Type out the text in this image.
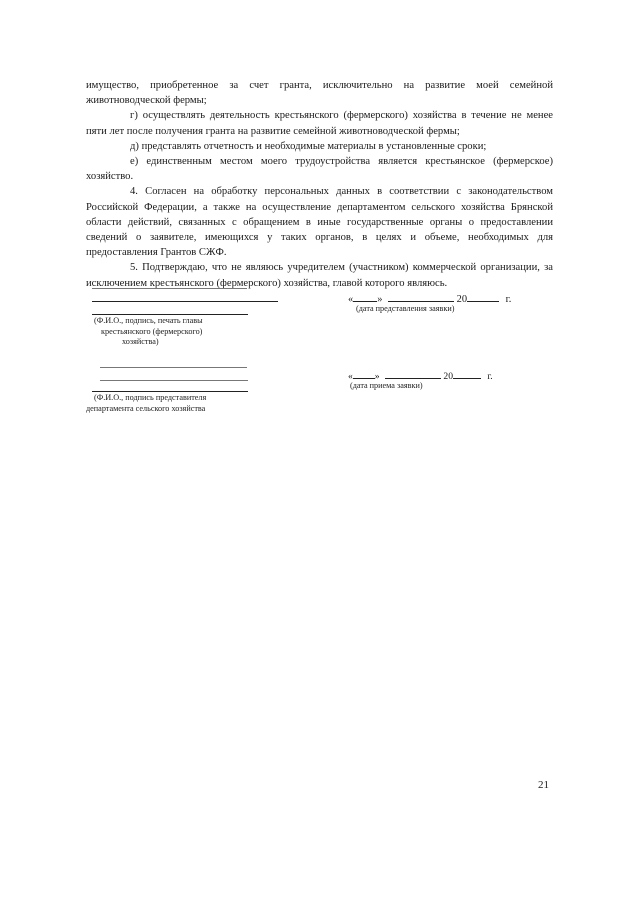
имущество, приобретенное за счет гранта, исключительно на развитие моей семейной животноводческой фермы;

г) осуществлять деятельность крестьянского (фермерского) хозяйства в течение не менее пяти лет после получения гранта на развитие семейной животноводческой фермы;

д) представлять отчетность и необходимые материалы в установленные сроки;

е) единственным местом моего трудоустройства является крестьянское (фермерское) хозяйство.

4. Согласен на обработку персональных данных в соответствии с законодательством Российской Федерации, а также на осуществление департаментом сельского хозяйства Брянской области действий, связанных с обращением в иные государственные органы о предоставлении сведений о заявителе, имеющихся у таких органов, в целях и объеме, необходимых для предоставления Грантов СЖФ.

5. Подтверждаю, что не являюсь учредителем (участником) коммерческой организации, за исключением крестьянского (фермерского) хозяйства, главой которого являюсь.

(Ф.И.О., подпись, печать главы
крестьянского (фермерского)
хозяйства)
« »	20	г.
(дата представления заявки)
(Ф.И.О., подпись представителя
департамента сельского хозяйства
« »	20	г.
(дата приема заявки)
21
